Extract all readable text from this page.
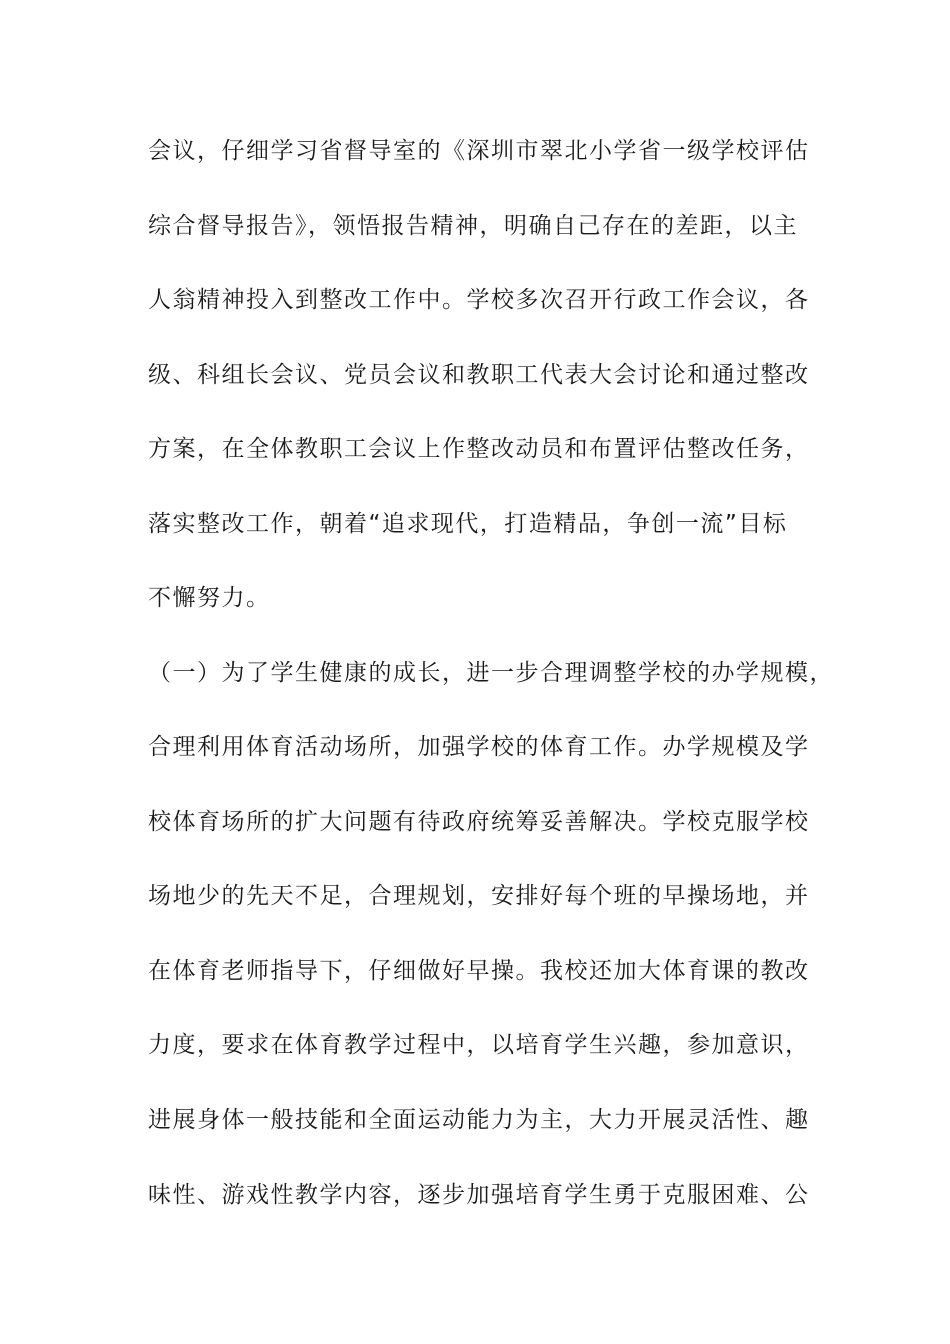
会议，仔细学习省督导室的《深圳市翠北小学省一级学校评估
综合督导报告》，领悟报告精神，明确自己存在的差距，以主
人翁精神投入到整改工作中。学校多次召开行政工作会议，各
级、科组长会议、党员会议和教职工代表大会讨论和通过整改
方案，在全体教职工会议上作整改动员和布置评估整改任务，
落实整改工作，朝着“追求现代，打造精品，争创一流”目标
不懈努力。
（一）为了学生健康的成长，进一步合理调整学校的办学规模，
合理利用体育活动场所，加强学校的体育工作。办学规模及学
校体育场所的扩大问题有待政府统筹妥善解决。学校克服学校
场地少的先天不足，合理规划，安排好每个班的早操场地，并
在体育老师指导下，仔细做好早操。我校还加大体育课的教改
力度，要求在体育教学过程中，以培育学生兴趣，参加意识，
进展身体一般技能和全面运动能力为主，大力开展灵活性、趣
味性、游戏性教学内容，逐步加强培育学生勇于克服困难、公
